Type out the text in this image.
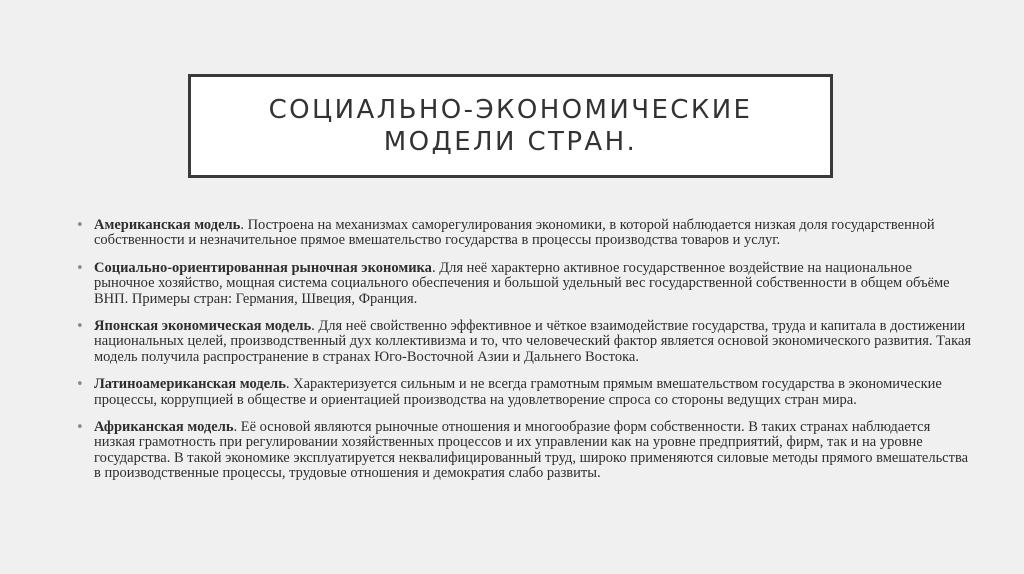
СОЦИАЛЬНО-ЭКОНОМИЧЕСКИЕ
МОДЕЛИ СТРАН.
• Американская модель. Построена на механизмах саморегулирования экономики, в которой наблюдается низкая доля государственной собственности и незначительное прямое вмешательство государства в процессы производства товаров и услуг.
• Социально-ориентированная рыночная экономика. Для неё характерно активное государственное воздействие на национальное рыночное хозяйство, мощная система социального обеспечения и большой удельный вес государственной собственности в общем объёме ВНП. Примеры стран: Германия, Швеция, Франция.
• Японская экономическая модель. Для неё свойственно эффективное и чёткое взаимодействие государства, труда и капитала в достижении национальных целей, производственный дух коллективизма и то, что человеческий фактор является основой экономического развития. Такая модель получила распространение в странах Юго-Восточной Азии и Дальнего Востока.
• Латиноамериканская модель. Характеризуется сильным и не всегда грамотным прямым вмешательством государства в экономические процессы, коррупцией в обществе и ориентацией производства на удовлетворение спроса со стороны ведущих стран мира.
• Африканская модель. Её основой являются рыночные отношения и многообразие форм собственности. В таких странах наблюдается низкая грамотность при регулировании хозяйственных процессов и их управлении как на уровне предприятий, фирм, так и на уровне государства. В такой экономике эксплуатируется неквалифицированный труд, широко применяются силовые методы прямого вмешательства в производственные процессы, трудовые отношения и демократия слабо развиты.
